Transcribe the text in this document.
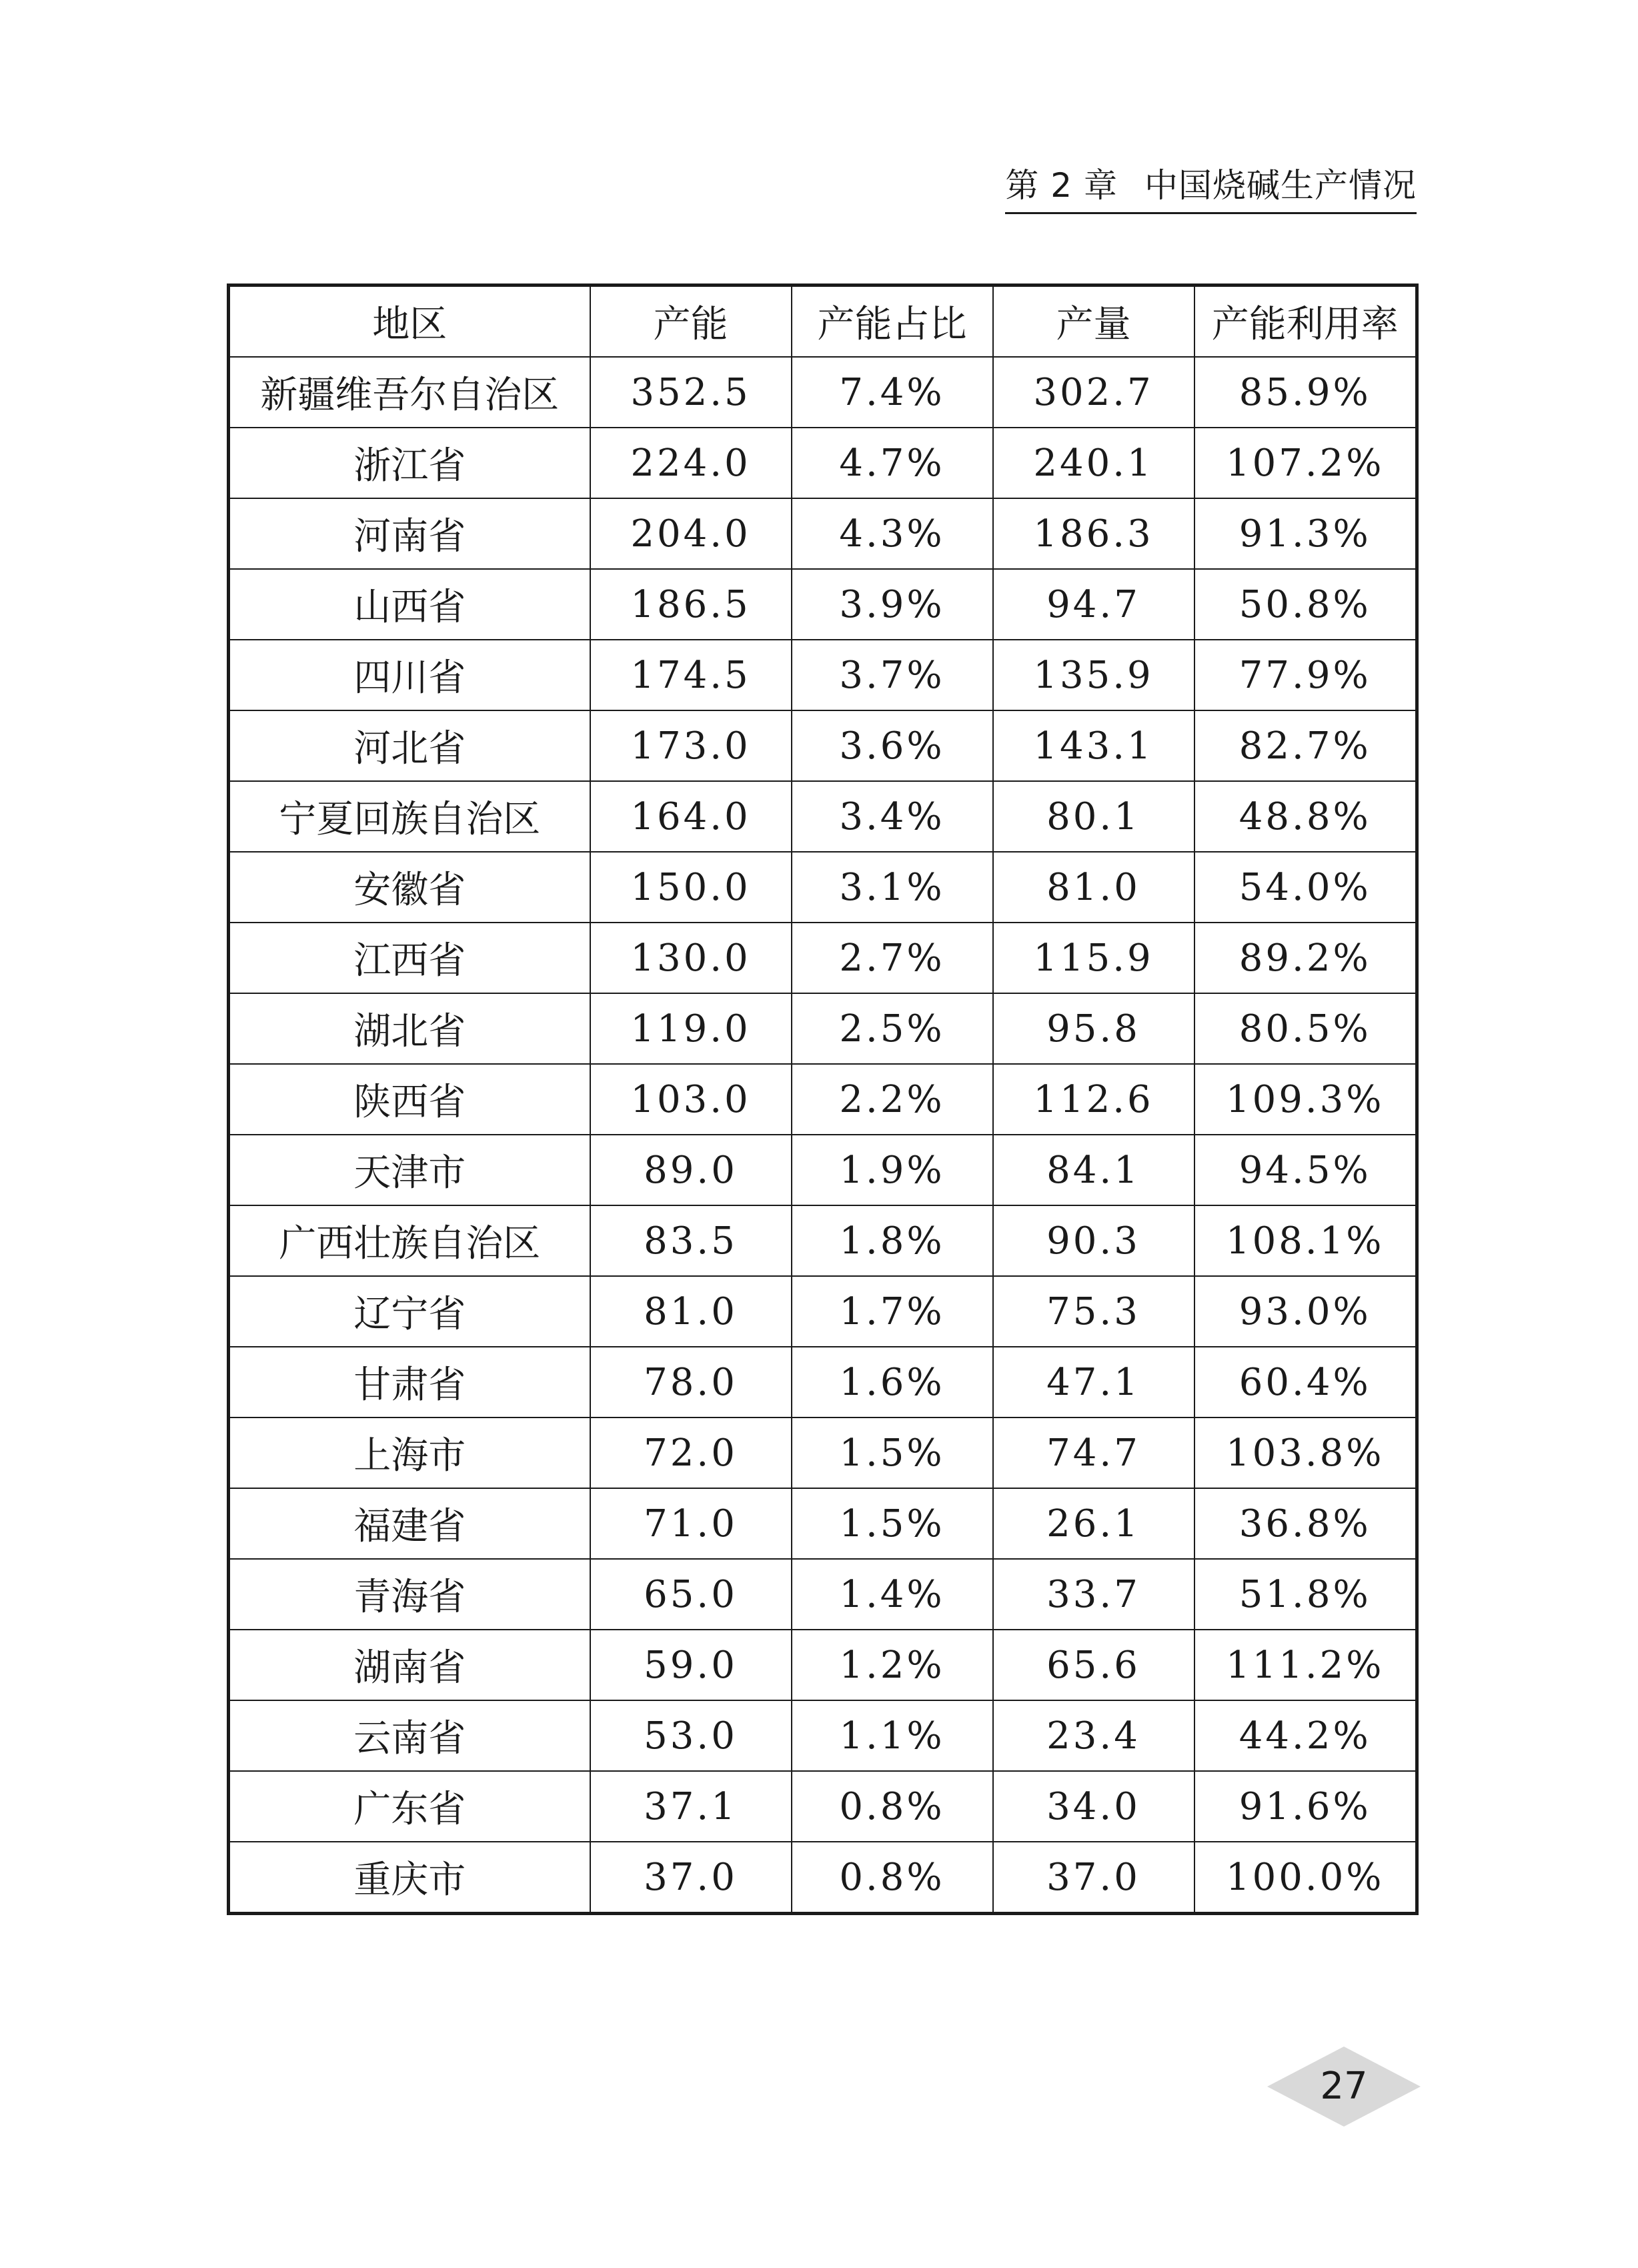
第 2 章 中国烧碱生产情况
地区	产能	产能占比	产量	产能利用率
新疆维吾尔自治区	352.5	7.4%	302.7	85.9%
浙江省	224.0	4.7%	240.1	107.2%
河南省	204.0	4.3%	186.3	91.3%
山西省	186.5	3.9%	94.7	50.8%
四川省	174.5	3.7%	135.9	77.9%
河北省	173.0	3.6%	143.1	82.7%
宁夏回族自治区	164.0	3.4%	80.1	48.8%
安徽省	150.0	3.1%	81.0	54.0%
江西省	130.0	2.7%	115.9	89.2%
湖北省	119.0	2.5%	95.8	80.5%
陕西省	103.0	2.2%	112.6	109.3%
天津市	89.0	1.9%	84.1	94.5%
广西壮族自治区	83.5	1.8%	90.3	108.1%
辽宁省	81.0	1.7%	75.3	93.0%
甘肃省	78.0	1.6%	47.1	60.4%
上海市	72.0	1.5%	74.7	103.8%
福建省	71.0	1.5%	26.1	36.8%
青海省	65.0	1.4%	33.7	51.8%
湖南省	59.0	1.2%	65.6	111.2%
云南省	53.0	1.1%	23.4	44.2%
广东省	37.1	0.8%	34.0	91.6%
重庆市	37.0	0.8%	37.0	100.0%
27
